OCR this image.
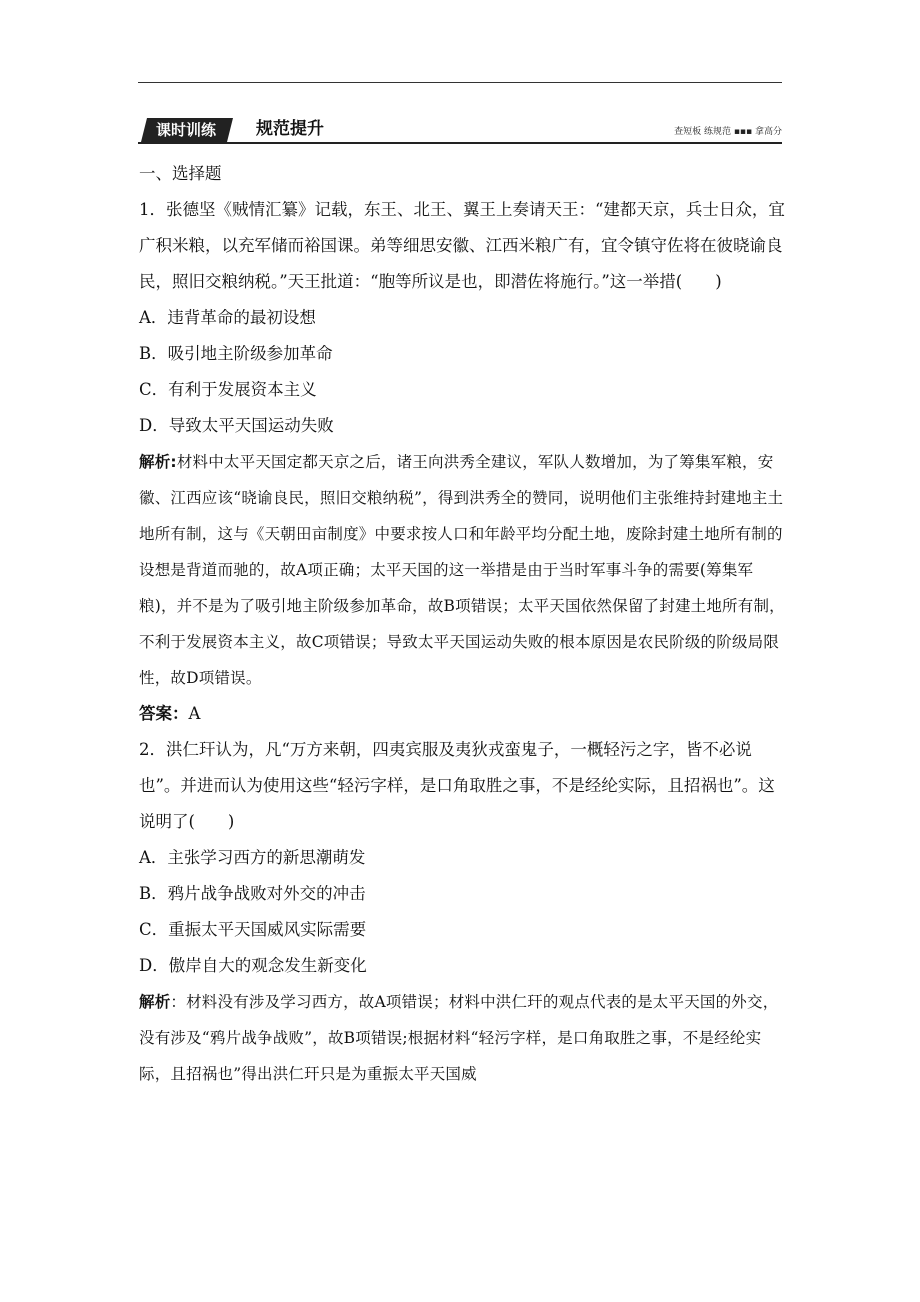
课时训练	规范提升	查短板 练规范 ▪▪▪ 拿高分

一、选择题

1．张德坚《贼情汇纂》记载，东王、北王、翼王上奏请天王：“建都天京，兵士日众，宜广积米粮，以充军储而裕国课。弟等细思安徽、江西米粮广有，宜令镇守佐将在彼晓谕良民，照旧交粮纳税。”天王批道：“胞等所议是也，即潜佐将施行。”这一举措(　　)

A．违背革命的最初设想

B．吸引地主阶级参加革命

C．有利于发展资本主义

D．导致太平天国运动失败

解析:材料中太平天国定都天京之后，诸王向洪秀全建议，军队人数增加，为了筹集军粮，安徽、江西应该“晓谕良民，照旧交粮纳税”，得到洪秀全的赞同，说明他们主张维持封建地主土地所有制，这与《天朝田亩制度》中要求按人口和年龄平均分配土地，废除封建土地所有制的设想是背道而驰的，故A项正确；太平天国的这一举措是由于当时军事斗争的需要(筹集军粮)，并不是为了吸引地主阶级参加革命，故B项错误；太平天国依然保留了封建土地所有制，不利于发展资本主义，故C项错误；导致太平天国运动失败的根本原因是农民阶级的阶级局限性，故D项错误。

答案：A

2．洪仁玕认为，凡“万方来朝，四夷宾服及夷狄戎蛮鬼子，一概轻污之字，皆不必说也”。并进而认为使用这些“轻污字样，是口角取胜之事，不是经纶实际，且招祸也”。这说明了(　　)

A．主张学习西方的新思潮萌发

B．鸦片战争战败对外交的冲击

C．重振太平天国威风实际需要

D．傲岸自大的观念发生新变化

解析：材料没有涉及学习西方，故A项错误；材料中洪仁玕的观点代表的是太平天国的外交，没有涉及“鸦片战争战败”，故B项错误;根据材料“轻污字样，是口角取胜之事，不是经纶实际，且招祸也”得出洪仁玕只是为重振太平天国威
